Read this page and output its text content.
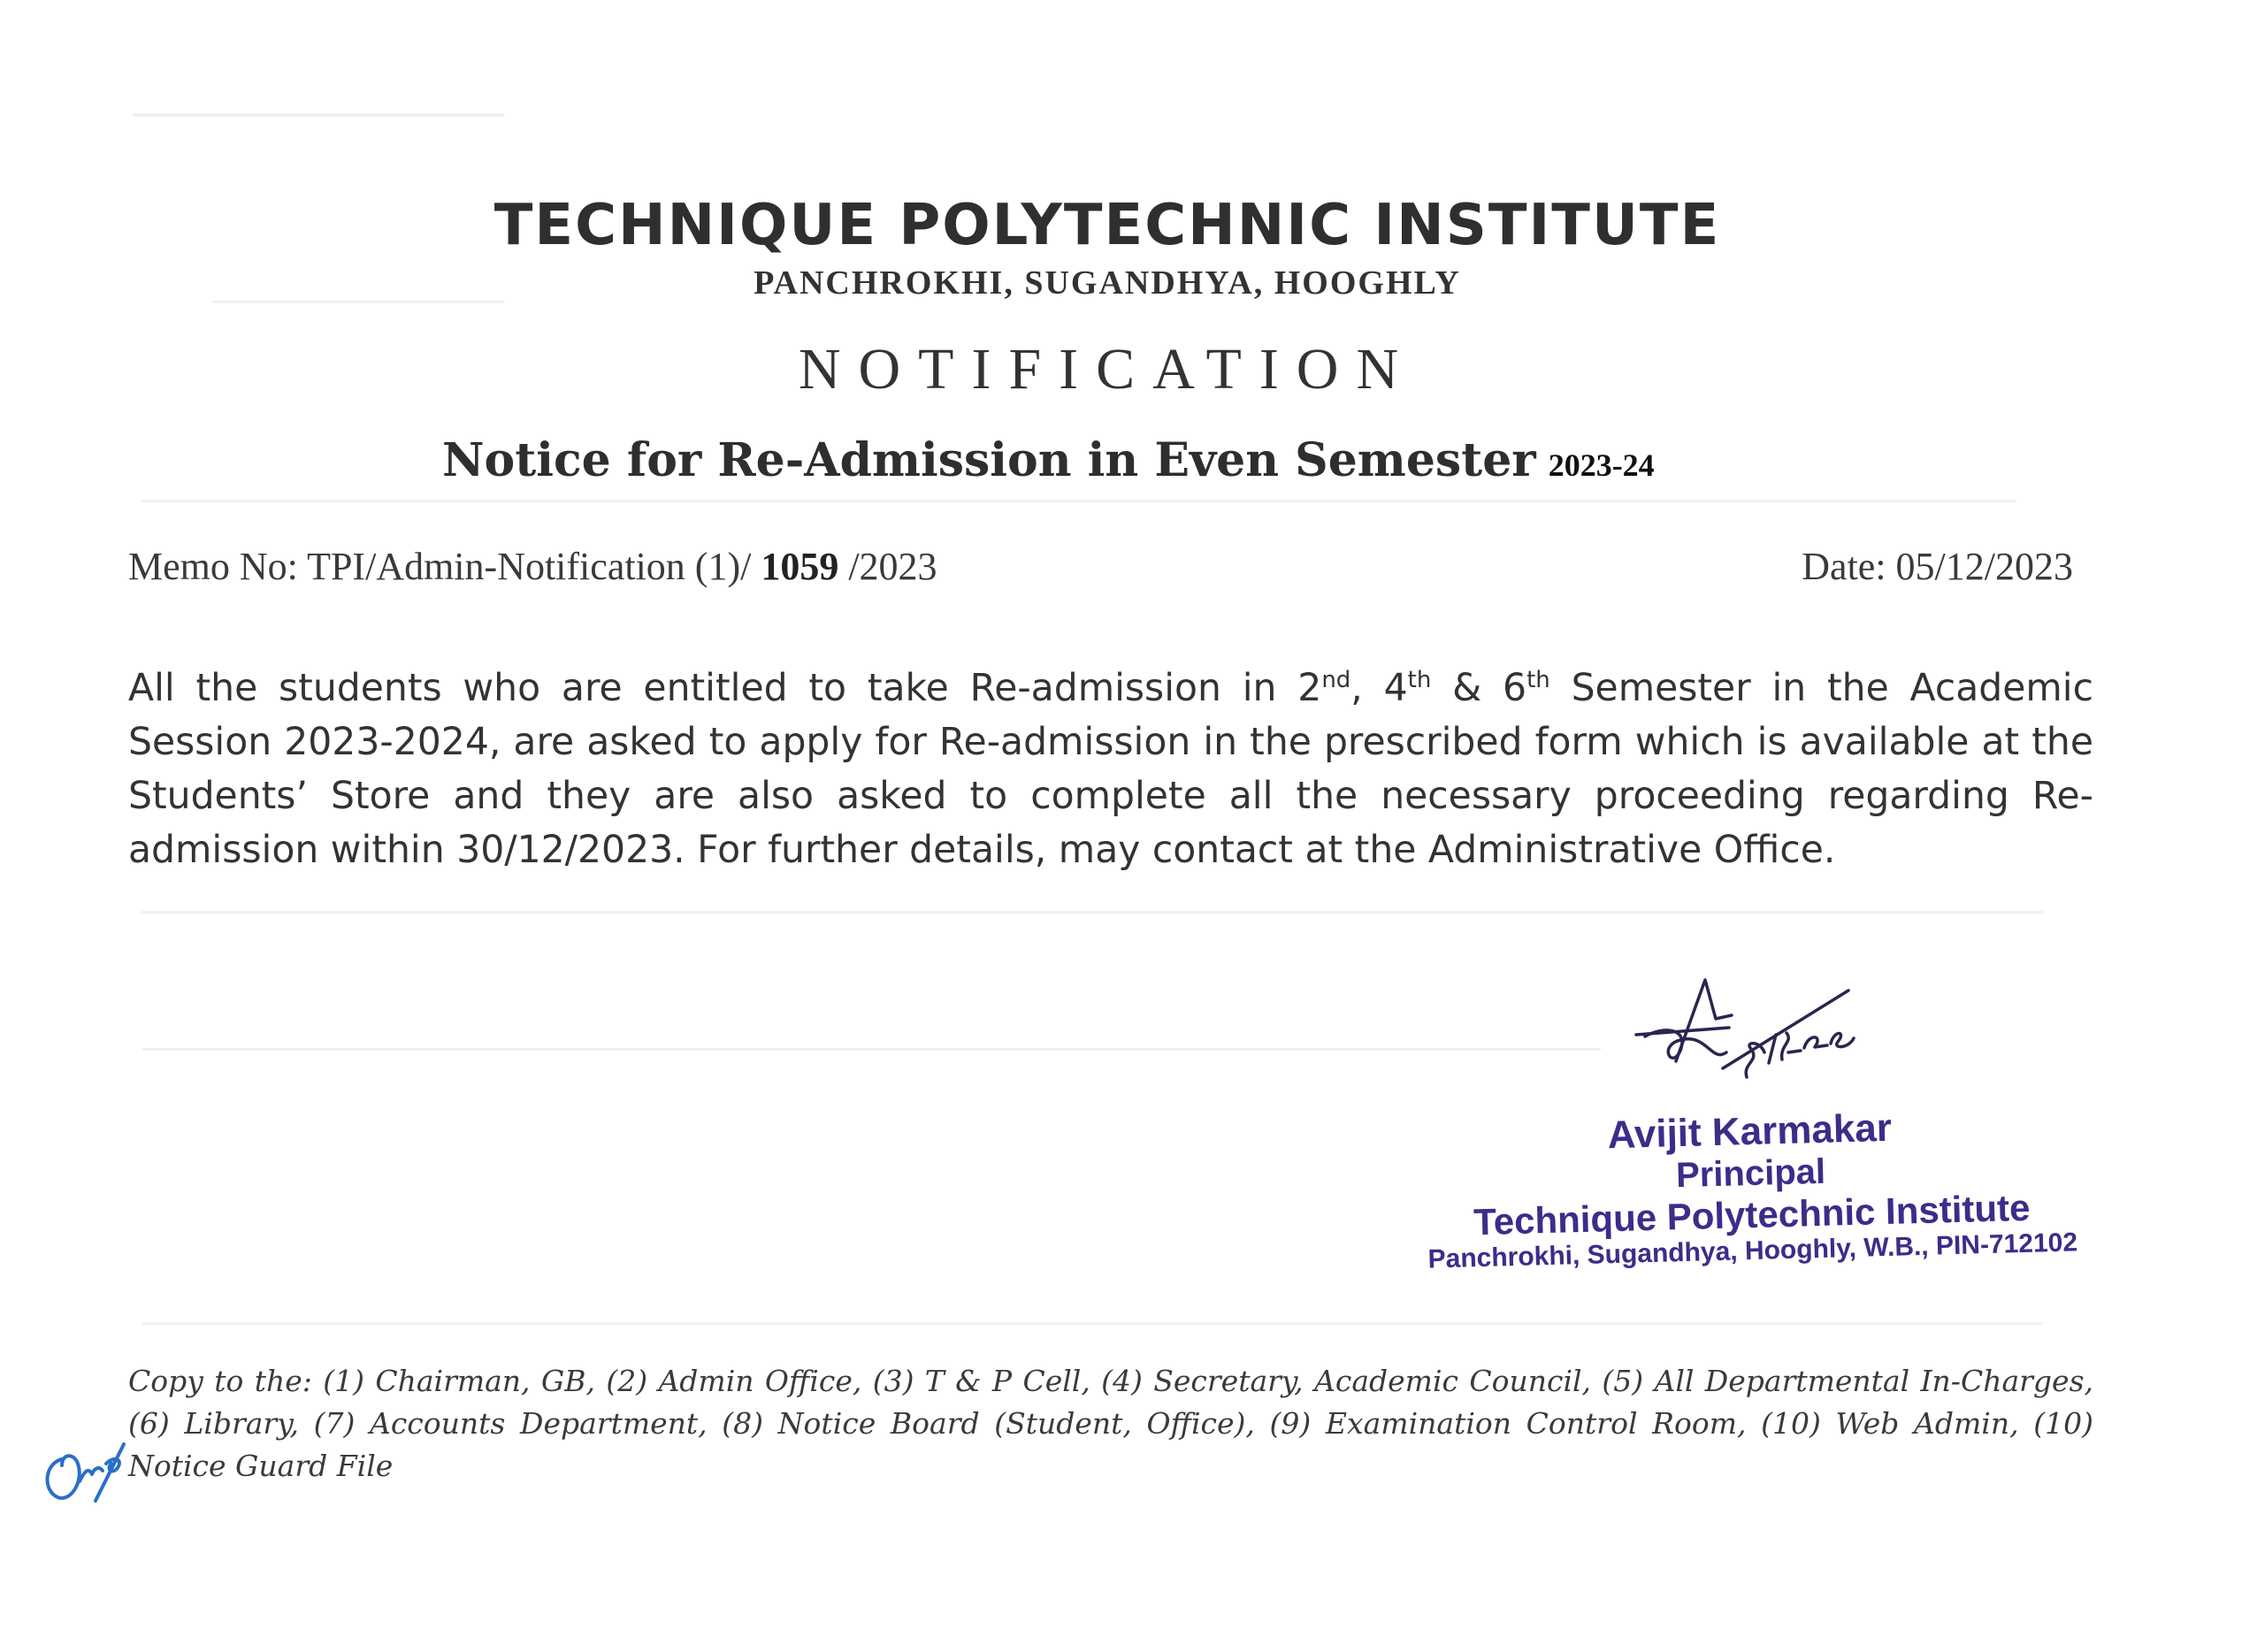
TECHNIQUE POLYTECHNIC INSTITUTE
PANCHROKHI, SUGANDHYA, HOOGHLY
NOTIFICATION
Notice for Re-Admission in Even Semester 2023-24
Memo No: TPI/Admin-Notification (1)/ 1059 /2023	Date: 05/12/2023
All the students who are entitled to take Re-admission in 2nd, 4th & 6th Semester in the Academic Session 2023-2024, are asked to apply for Re-admission in the prescribed form which is available at the Students’ Store and they are also asked to complete all the necessary proceeding regarding Re-admission within 30/12/2023. For further details, may contact at the Administrative Office.
Avijit Karmakar
Principal
Technique Polytechnic Institute
Panchrokhi, Sugandhya, Hooghly, W.B., PIN-712102
Copy to the: (1) Chairman, GB, (2) Admin Office, (3) T & P Cell, (4) Secretary, Academic Council, (5) All Departmental In-Charges, (6) Library, (7) Accounts Department, (8) Notice Board (Student, Office), (9) Examination Control Room, (10) Web Admin, (10) Notice Guard File
